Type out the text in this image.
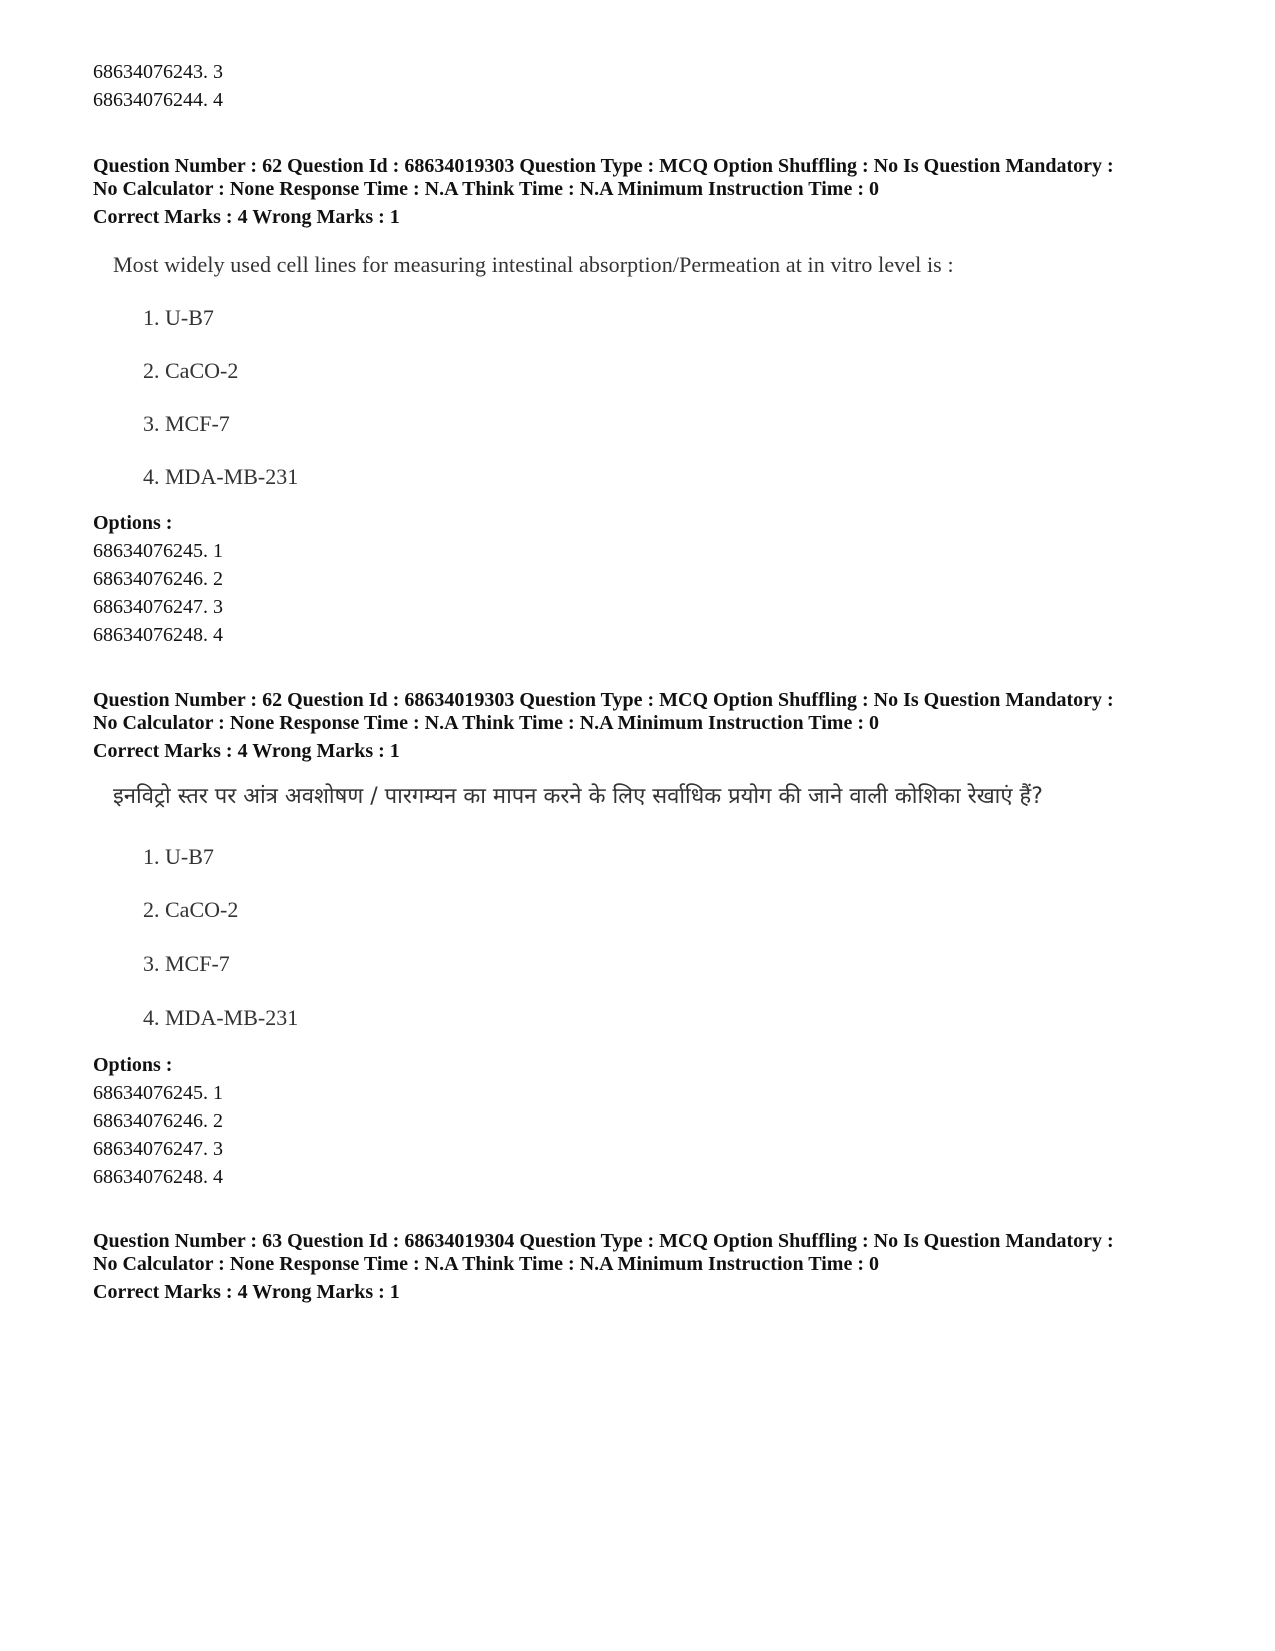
68634076243. 3
68634076244. 4
Question Number : 62 Question Id : 68634019303 Question Type : MCQ Option Shuffling : No Is Question Mandatory :
No Calculator : None Response Time : N.A Think Time : N.A Minimum Instruction Time : 0
Correct Marks : 4 Wrong Marks : 1
Most widely used cell lines for measuring intestinal absorption/Permeation at in vitro level is :
1. U-B7
2. CaCO-2
3. MCF-7
4. MDA-MB-231
Options :
68634076245. 1
68634076246. 2
68634076247. 3
68634076248. 4
Question Number : 62 Question Id : 68634019303 Question Type : MCQ Option Shuffling : No Is Question Mandatory :
No Calculator : None Response Time : N.A Think Time : N.A Minimum Instruction Time : 0
Correct Marks : 4 Wrong Marks : 1
इनविट्रो स्तर पर आंत्र अवशोषण / पारगम्यन का मापन करने के लिए सर्वाधिक प्रयोग की जाने वाली कोशिका रेखाएं हैं?
1. U-B7
2. CaCO-2
3. MCF-7
4. MDA-MB-231
Options :
68634076245. 1
68634076246. 2
68634076247. 3
68634076248. 4
Question Number : 63 Question Id : 68634019304 Question Type : MCQ Option Shuffling : No Is Question Mandatory :
No Calculator : None Response Time : N.A Think Time : N.A Minimum Instruction Time : 0
Correct Marks : 4 Wrong Marks : 1
